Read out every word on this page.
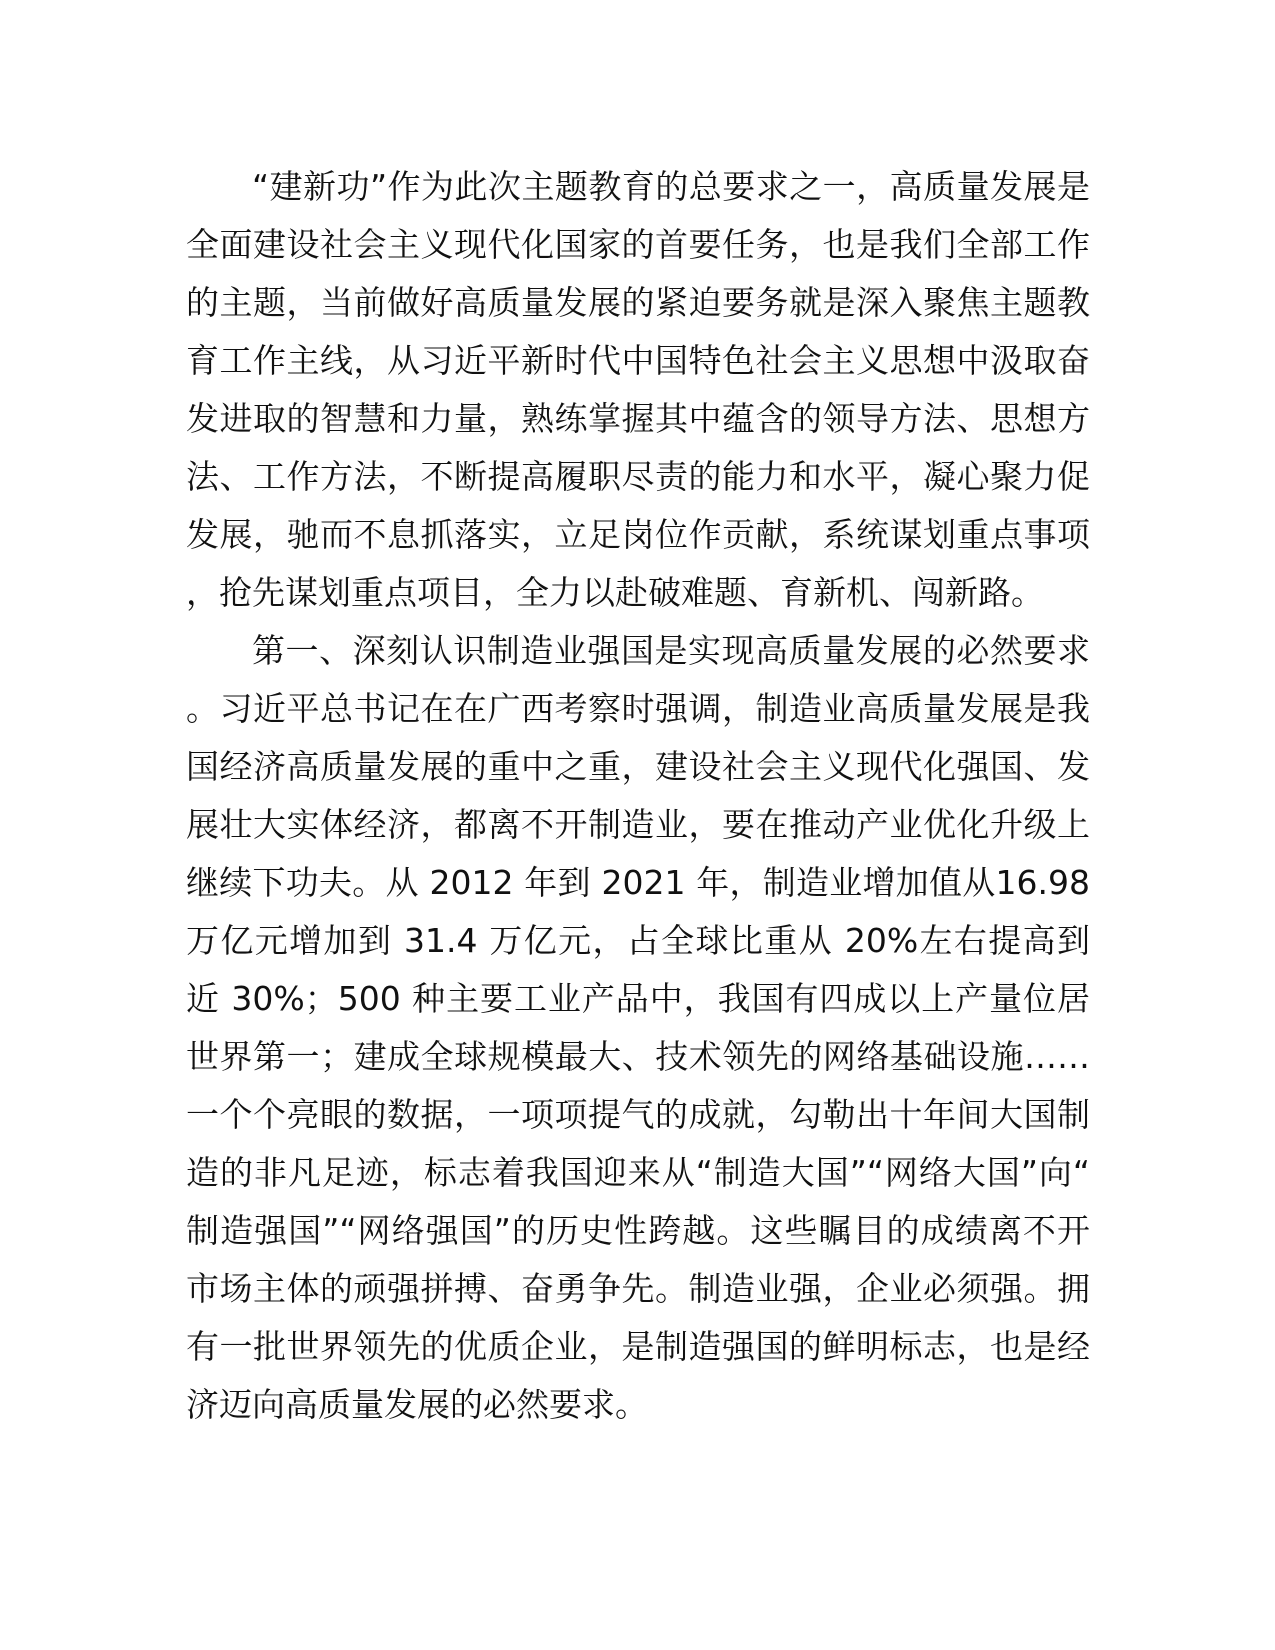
“建新功”作为此次主题教育的总要求之一，高质量发展是全面建设社会主义现代化国家的首要任务，也是我们全部工作的主题，当前做好高质量发展的紧迫要务就是深入聚焦主题教育工作主线，从习近平新时代中国特色社会主义思想中汲取奋发进取的智慧和力量，熟练掌握其中蕴含的领导方法、思想方法、工作方法，不断提高履职尽责的能力和水平，凝心聚力促发展，驰而不息抓落实，立足岗位作贡献，系统谋划重点事项，抢先谋划重点项目，全力以赴破难题、育新机、闯新路。

第一、深刻认识制造业强国是实现高质量发展的必然要求。习近平总书记在在广西考察时强调，制造业高质量发展是我国经济高质量发展的重中之重，建设社会主义现代化强国、发展壮大实体经济，都离不开制造业，要在推动产业优化升级上继续下功夫。从 2012 年到 2021 年，制造业增加值从16.98 万亿元增加到 31.4 万亿元，占全球比重从 20%左右提高到近 30%；500 种主要工业产品中，我国有四成以上产量位居世界第一；建成全球规模最大、技术领先的网络基础设施……一个个亮眼的数据，一项项提气的成就，勾勒出十年间大国制造的非凡足迹，标志着我国迎来从“制造大国”“网络大国”向“制造强国”“网络强国”的历史性跨越。这些瞩目的成绩离不开市场主体的顽强拼搏、奋勇争先。制造业强，企业必须强。拥有一批世界领先的优质企业，是制造强国的鲜明标志，也是经济迈向高质量发展的必然要求。
